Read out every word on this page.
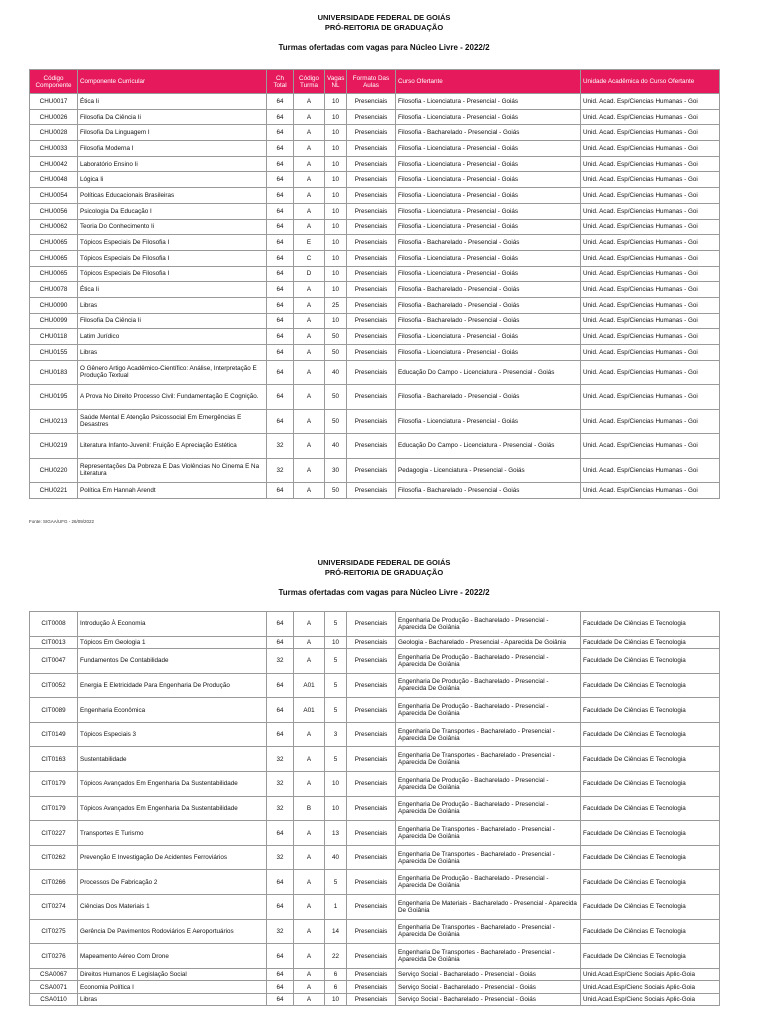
UNIVERSIDADE FEDERAL DE GOIÁS
PRÓ-REITORIA DE GRADUAÇÃO
Turmas ofertadas com vagas para Núcleo Livre - 2022/2
Código Componente	Componente Curricular	Ch Total	Código Turma	Vagas NL	Formato Das Aulas	Curso Ofertante	Unidade Acadêmica do Curso Ofertante
CHU0017	Ética Ii	64	A	10	Presenciais	Filosofia - Licenciatura - Presencial - Goiás	Unid. Acad. Esp/Ciencias Humanas - Goi
CHU0026	Filosofia Da Ciência Ii	64	A	10	Presenciais	Filosofia - Licenciatura - Presencial - Goiás	Unid. Acad. Esp/Ciencias Humanas - Goi
CHU0028	Filosofia Da Linguagem I	64	A	10	Presenciais	Filosofia - Bacharelado - Presencial - Goiás	Unid. Acad. Esp/Ciencias Humanas - Goi
CHU0033	Filosofia Moderna I	64	A	10	Presenciais	Filosofia - Licenciatura - Presencial - Goiás	Unid. Acad. Esp/Ciencias Humanas - Goi
CHU0042	Laboratório Ensino Ii	64	A	10	Presenciais	Filosofia - Licenciatura - Presencial - Goiás	Unid. Acad. Esp/Ciencias Humanas - Goi
CHU0048	Lógica Ii	64	A	10	Presenciais	Filosofia - Licenciatura - Presencial - Goiás	Unid. Acad. Esp/Ciencias Humanas - Goi
CHU0054	Políticas Educacionais Brasileiras	64	A	10	Presenciais	Filosofia - Licenciatura - Presencial - Goiás	Unid. Acad. Esp/Ciencias Humanas - Goi
CHU0056	Psicologia Da Educação I	64	A	10	Presenciais	Filosofia - Licenciatura - Presencial - Goiás	Unid. Acad. Esp/Ciencias Humanas - Goi
CHU0062	Teoria Do Conhecimento Ii	64	A	10	Presenciais	Filosofia - Licenciatura - Presencial - Goiás	Unid. Acad. Esp/Ciencias Humanas - Goi
CHU0065	Tópicos Especiais De Filosofia I	64	E	10	Presenciais	Filosofia - Bacharelado - Presencial - Goiás	Unid. Acad. Esp/Ciencias Humanas - Goi
CHU0065	Tópicos Especiais De Filosofia I	64	C	10	Presenciais	Filosofia - Licenciatura - Presencial - Goiás	Unid. Acad. Esp/Ciencias Humanas - Goi
CHU0065	Tópicos Especiais De Filosofia I	64	D	10	Presenciais	Filosofia - Licenciatura - Presencial - Goiás	Unid. Acad. Esp/Ciencias Humanas - Goi
CHU0078	Ética Ii	64	A	10	Presenciais	Filosofia - Bacharelado - Presencial - Goiás	Unid. Acad. Esp/Ciencias Humanas - Goi
CHU0090	Libras	64	A	25	Presenciais	Filosofia - Bacharelado - Presencial - Goiás	Unid. Acad. Esp/Ciencias Humanas - Goi
CHU0099	Filosofia Da Ciência Ii	64	A	10	Presenciais	Filosofia - Bacharelado - Presencial - Goiás	Unid. Acad. Esp/Ciencias Humanas - Goi
CHU0118	Latim Jurídico	64	A	50	Presenciais	Filosofia - Licenciatura - Presencial - Goiás	Unid. Acad. Esp/Ciencias Humanas - Goi
CHU0155	Libras	64	A	50	Presenciais	Filosofia - Licenciatura - Presencial - Goiás	Unid. Acad. Esp/Ciencias Humanas - Goi
CHU0183	O Gênero Artigo Acadêmico-Científico: Análise, Interpretação E Produção Textual	64	A	40	Presenciais	Educação Do Campo - Licenciatura - Presencial - Goiás	Unid. Acad. Esp/Ciencias Humanas - Goi
CHU0195	A Prova No Direito Processo Civil: Fundamentação E Cognição.	64	A	50	Presenciais	Filosofia - Bacharelado - Presencial - Goiás	Unid. Acad. Esp/Ciencias Humanas - Goi
CHU0213	Saúde Mental E Atenção Psicossocial Em Emergências E Desastres	64	A	50	Presenciais	Filosofia - Licenciatura - Presencial - Goiás	Unid. Acad. Esp/Ciencias Humanas - Goi
CHU0219	Literatura Infanto-Juvenil: Fruição E Apreciação Estética	32	A	40	Presenciais	Educação Do Campo - Licenciatura - Presencial - Goiás	Unid. Acad. Esp/Ciencias Humanas - Goi
CHU0220	Representações Da Pobreza E Das Violências No Cinema E Na Literatura	32	A	30	Presenciais	Pedagogia - Licenciatura - Presencial - Goiás	Unid. Acad. Esp/Ciencias Humanas - Goi
CHU0221	Política Em Hannah Arendt	64	A	50	Presenciais	Filosofia - Bacharelado - Presencial - Goiás	Unid. Acad. Esp/Ciencias Humanas - Goi
Fonte: SIGAA/UFG - 26/09/2022
UNIVERSIDADE FEDERAL DE GOIÁS
PRÓ-REITORIA DE GRADUAÇÃO
Turmas ofertadas com vagas para Núcleo Livre - 2022/2
CIT0008	Introdução À Economia	64	A	5	Presenciais	Engenharia De Produção - Bacharelado - Presencial - Aparecida De Goiânia	Faculdade De Ciências E Tecnologia
CIT0013	Tópicos Em Geologia 1	64	A	10	Presenciais	Geologia - Bacharelado - Presencial - Aparecida De Goiânia	Faculdade De Ciências E Tecnologia
CIT0047	Fundamentos De Contabilidade	32	A	5	Presenciais	Engenharia De Produção - Bacharelado - Presencial - Aparecida De Goiânia	Faculdade De Ciências E Tecnologia
CIT0052	Energia E Eletricidade Para Engenharia De Produção	64	A01	5	Presenciais	Engenharia De Produção - Bacharelado - Presencial - Aparecida De Goiânia	Faculdade De Ciências E Tecnologia
CIT0089	Engenharia Econômica	64	A01	5	Presenciais	Engenharia De Produção - Bacharelado - Presencial - Aparecida De Goiânia	Faculdade De Ciências E Tecnologia
CIT0149	Tópicos Especiais 3	64	A	3	Presenciais	Engenharia De Transportes - Bacharelado - Presencial - Aparecida De Goiânia	Faculdade De Ciências E Tecnologia
CIT0163	Sustentabilidade	32	A	5	Presenciais	Engenharia De Transportes - Bacharelado - Presencial - Aparecida De Goiânia	Faculdade De Ciências E Tecnologia
CIT0179	Tópicos Avançados Em Engenharia Da Sustentabilidade	32	A	10	Presenciais	Engenharia De Produção - Bacharelado - Presencial - Aparecida De Goiânia	Faculdade De Ciências E Tecnologia
CIT0179	Tópicos Avançados Em Engenharia Da Sustentabilidade	32	B	10	Presenciais	Engenharia De Produção - Bacharelado - Presencial - Aparecida De Goiânia	Faculdade De Ciências E Tecnologia
CIT0227	Transportes E Turismo	64	A	13	Presenciais	Engenharia De Transportes - Bacharelado - Presencial - Aparecida De Goiânia	Faculdade De Ciências E Tecnologia
CIT0262	Prevenção E Investigação De Acidentes Ferroviários	32	A	40	Presenciais	Engenharia De Transportes - Bacharelado - Presencial - Aparecida De Goiânia	Faculdade De Ciências E Tecnologia
CIT0266	Processos De Fabricação 2	64	A	5	Presenciais	Engenharia De Produção - Bacharelado - Presencial - Aparecida De Goiânia	Faculdade De Ciências E Tecnologia
CIT0274	Ciências Dos Materiais 1	64	A	1	Presenciais	Engenharia De Materiais - Bacharelado - Presencial - Aparecida De Goiânia	Faculdade De Ciências E Tecnologia
CIT0275	Gerência De Pavimentos Rodoviários E Aeroportuários	32	A	14	Presenciais	Engenharia De Transportes - Bacharelado - Presencial - Aparecida De Goiânia	Faculdade De Ciências E Tecnologia
CIT0276	Mapeamento Aéreo Com Drone	64	A	22	Presenciais	Engenharia De Transportes - Bacharelado - Presencial - Aparecida De Goiânia	Faculdade De Ciências E Tecnologia
CSA0067	Direitos Humanos E Legislação Social	64	A	6	Presenciais	Serviço Social - Bacharelado - Presencial - Goiás	Unid.Acad.Esp/Cienc Sociais Aplic-Goia
CSA0071	Economia Política I	64	A	6	Presenciais	Serviço Social - Bacharelado - Presencial - Goiás	Unid.Acad.Esp/Cienc Sociais Aplic-Goia
CSA0110	Libras	64	A	10	Presenciais	Serviço Social - Bacharelado - Presencial - Goiás	Unid.Acad.Esp/Cienc Sociais Aplic-Goia
